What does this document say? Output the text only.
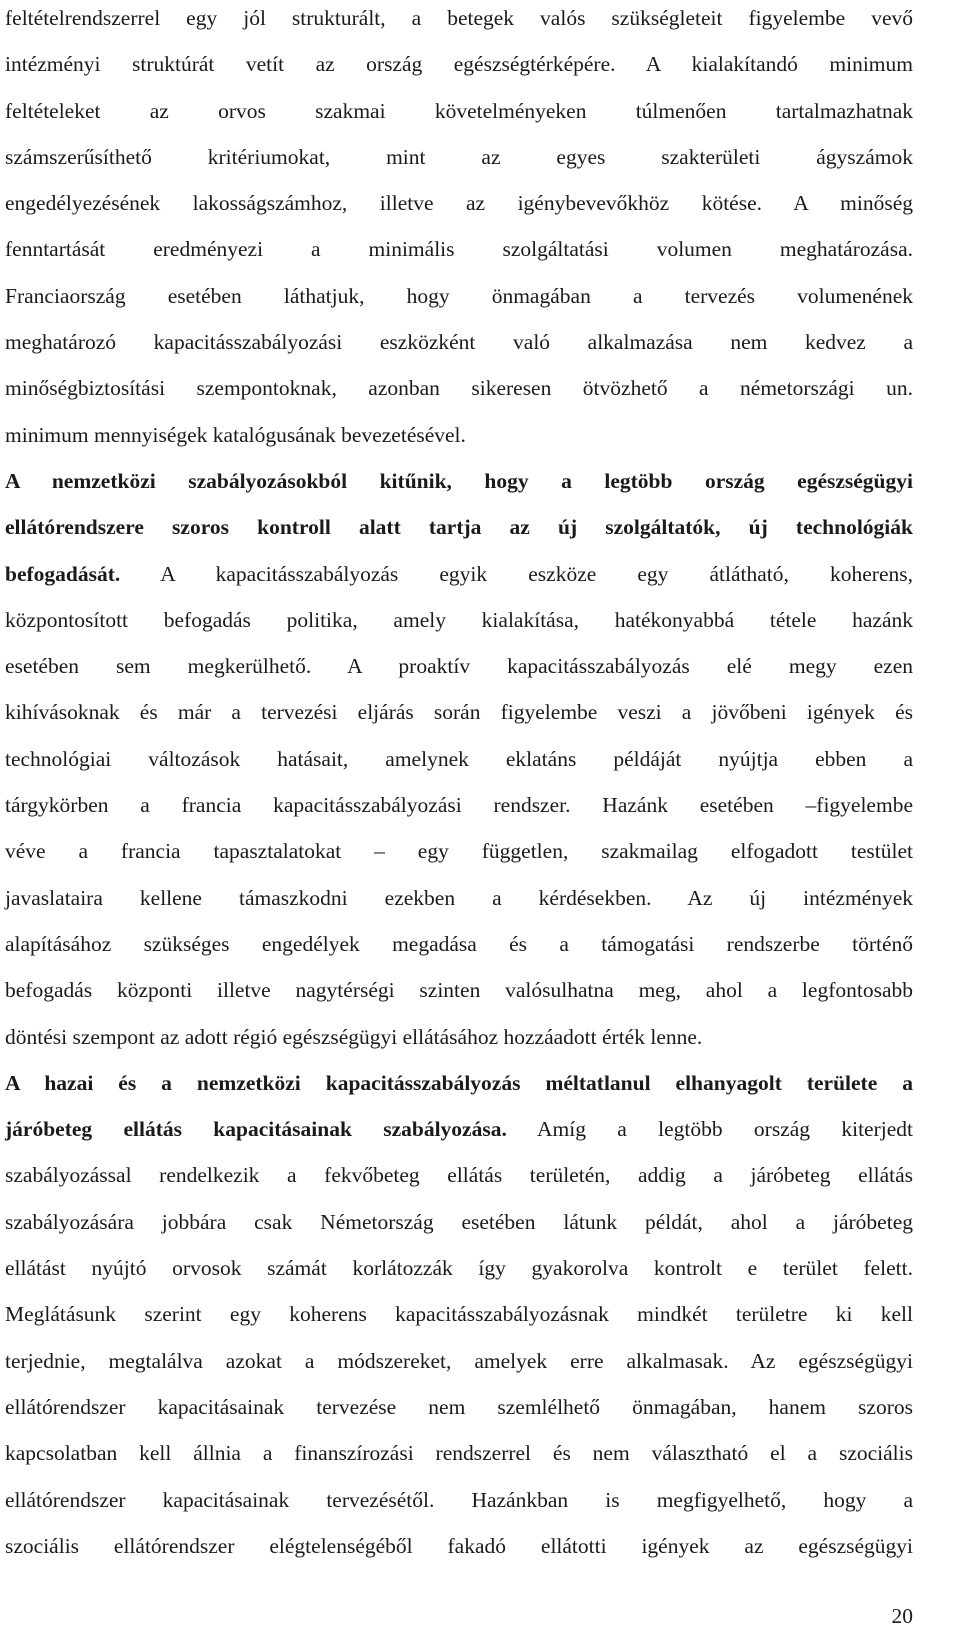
feltételrendszerrel egy jól strukturált, a betegek valós szükségleteit figyelembe vevő
intézményi struktúrát vetít az ország egészségtérképére. A kialakítandó minimum
feltételeket az orvos szakmai követelményeken túlmenően tartalmazhatnak
számszerűsíthető kritériumokat, mint az egyes szakterületi ágyszámok
engedélyezésének lakosságszámhoz, illetve az igénybevevőkhöz kötése. A minőség
fenntartását eredményezi a minimális szolgáltatási volumen meghatározása.
Franciaország esetében láthatjuk, hogy önmagában a tervezés volumenének
meghatározó kapacitásszabályozási eszközként való alkalmazása nem kedvez a
minőségbiztosítási szempontoknak, azonban sikeresen ötvözhető a németországi un.
minimum mennyiségek katalógusának bevezetésével.
A nemzetközi szabályozásokból kitűnik, hogy a legtöbb ország egészségügyi
ellátórendszere szoros kontroll alatt tartja az új szolgáltatók, új technológiák
befogadását. A kapacitásszabályozás egyik eszköze egy átlátható, koherens,
központosított befogadás politika, amely kialakítása, hatékonyabbá tétele hazánk
esetében sem megkerülhető. A proaktív kapacitásszabályozás elé megy ezen
kihívásoknak és már a tervezési eljárás során figyelembe veszi a jövőbeni igények és
technológiai változások hatásait, amelynek eklatáns példáját nyújtja ebben a
tárgykörben a francia kapacitásszabályozási rendszer. Hazánk esetében –figyelembe
véve a francia tapasztalatokat – egy független, szakmailag elfogadott testület
javaslataira kellene támaszkodni ezekben a kérdésekben. Az új intézmények
alapításához szükséges engedélyek megadása és a támogatási rendszerbe történő
befogadás központi illetve nagytérségi szinten valósulhatna meg, ahol a legfontosabb
döntési szempont az adott régió egészségügyi ellátásához hozzáadott érték lenne.
A hazai és a nemzetközi kapacitásszabályozás méltatlanul elhanyagolt területe a
járóbeteg ellátás kapacitásainak szabályozása. Amíg a legtöbb ország kiterjedt
szabályozással rendelkezik a fekvőbeteg ellátás területén, addig a járóbeteg ellátás
szabályozására jobbára csak Németország esetében látunk példát, ahol a járóbeteg
ellátást nyújtó orvosok számát korlátozzák így gyakorolva kontrolt e terület felett.
Meglátásunk szerint egy koherens kapacitásszabályozásnak mindkét területre ki kell
terjednie, megtalálva azokat a módszereket, amelyek erre alkalmasak. Az egészségügyi
ellátórendszer kapacitásainak tervezése nem szemlélhető önmagában, hanem szoros
kapcsolatban kell állnia a finanszírozási rendszerrel és nem választható el a szociális
ellátórendszer kapacitásainak tervezésétől. Hazánkban is megfigyelhető, hogy a
szociális ellátórendszer elégtelenségéből fakadó ellátotti igények az egészségügyi
20
